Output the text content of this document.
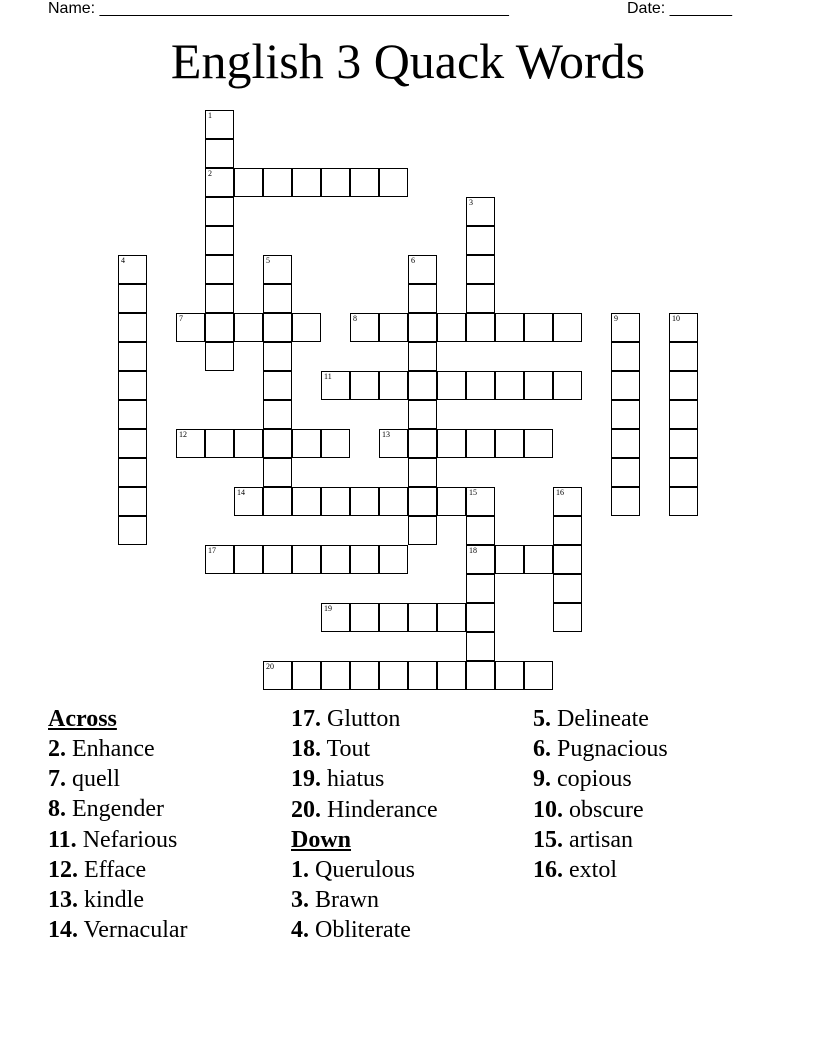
Name: ______________________________________________	Date: _______
English 3 Quack Words
1
2
3
4	5	6
7	8	9	10
11
12	13
14	15
18
16
17
19
20
Across
2. Enhance
7. quell
8. Engender
11. Nefarious
12. Efface
13. kindle
14. Vernacular
17. Glutton
18. Tout
19. hiatus
20. Hinderance
Down
1. Querulous
3. Brawn
4. Obliterate
5. Delineate
6. Pugnacious
9. copious
10. obscure
15. artisan
16. extol
